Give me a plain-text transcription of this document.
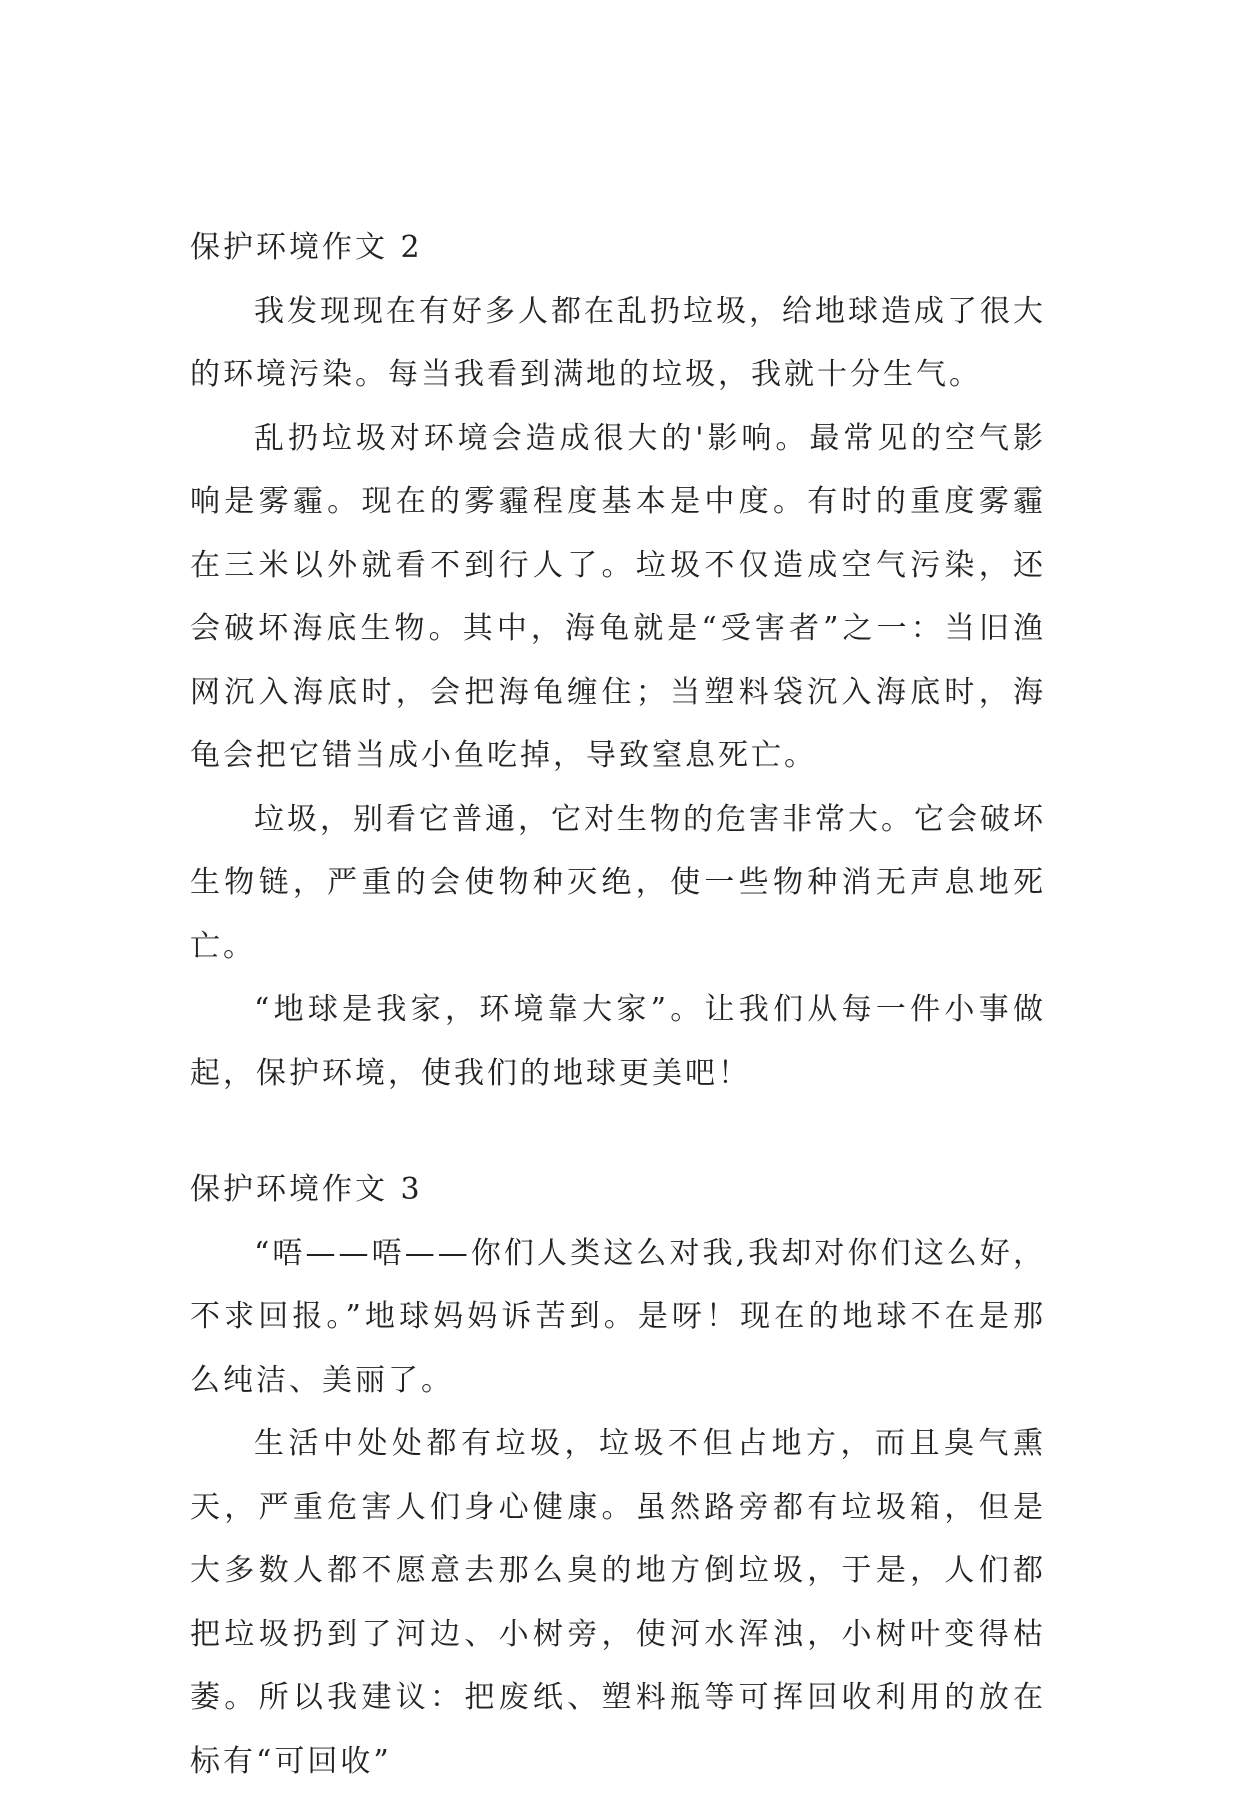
保护环境作文 2

我发现现在有好多人都在乱扔垃圾，给地球造成了很大的环境污染。每当我看到满地的垃圾，我就十分生气。

乱扔垃圾对环境会造成很大的'影响。最常见的空气影响是雾霾。现在的雾霾程度基本是中度。有时的重度雾霾在三米以外就看不到行人了。垃圾不仅造成空气污染，还会破坏海底生物。其中，海龟就是“受害者”之一：当旧渔网沉入海底时，会把海龟缠住；当塑料袋沉入海底时，海龟会把它错当成小鱼吃掉，导致窒息死亡。

垃圾，别看它普通，它对生物的危害非常大。它会破坏生物链，严重的会使物种灭绝，使一些物种消无声息地死亡。

“地球是我家，环境靠大家”。让我们从每一件小事做起，保护环境，使我们的地球更美吧！

保护环境作文 3

“唔——唔——你们人类这么对我,我却对你们这么好，不求回报。”地球妈妈诉苦到。是呀！现在的地球不在是那么纯洁、美丽了。

生活中处处都有垃圾，垃圾不但占地方，而且臭气熏天，严重危害人们身心健康。虽然路旁都有垃圾箱，但是大多数人都不愿意去那么臭的地方倒垃圾，于是，人们都把垃圾扔到了河边、小树旁，使河水浑浊，小树叶变得枯萎。所以我建议：把废纸、塑料瓶等可挥回收利用的放在标有“可回收”
